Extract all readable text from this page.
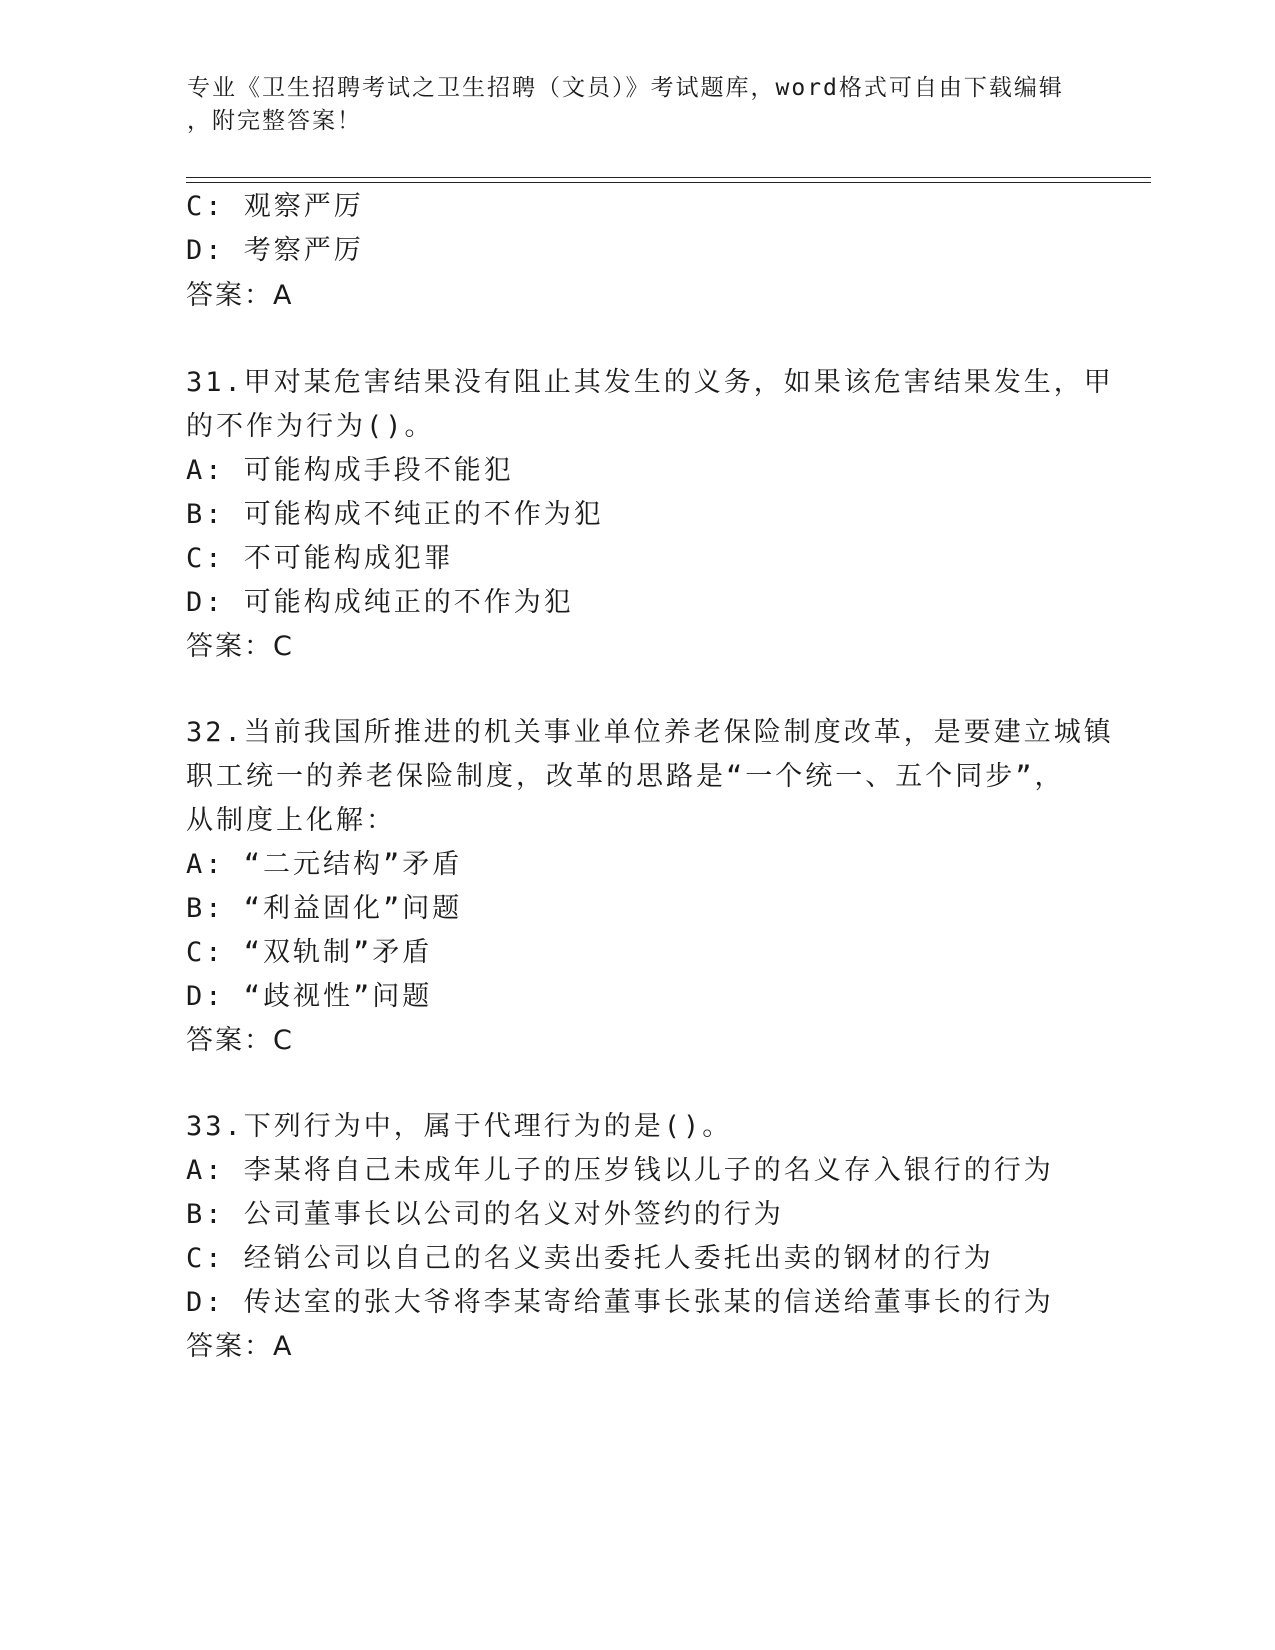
专业《卫生招聘考试之卫生招聘（文员）》考试题库，word格式可自由下载编辑
，附完整答案！
C: 观察严厉
D: 考察严厉
答案：A
31.甲对某危害结果没有阻止其发生的义务，如果该危害结果发生，甲
的不作为行为()。
A: 可能构成手段不能犯
B: 可能构成不纯正的不作为犯
C: 不可能构成犯罪
D: 可能构成纯正的不作为犯
答案：C
32.当前我国所推进的机关事业单位养老保险制度改革，是要建立城镇
职工统一的养老保险制度，改革的思路是“一个统一、五个同步”，
从制度上化解：
A: “二元结构”矛盾
B: “利益固化”问题
C: “双轨制”矛盾
D: “歧视性”问题
答案：C
33.下列行为中，属于代理行为的是()。
A: 李某将自己未成年儿子的压岁钱以儿子的名义存入银行的行为
B: 公司董事长以公司的名义对外签约的行为
C: 经销公司以自己的名义卖出委托人委托出卖的钢材的行为
D: 传达室的张大爷将李某寄给董事长张某的信送给董事长的行为
答案：A
